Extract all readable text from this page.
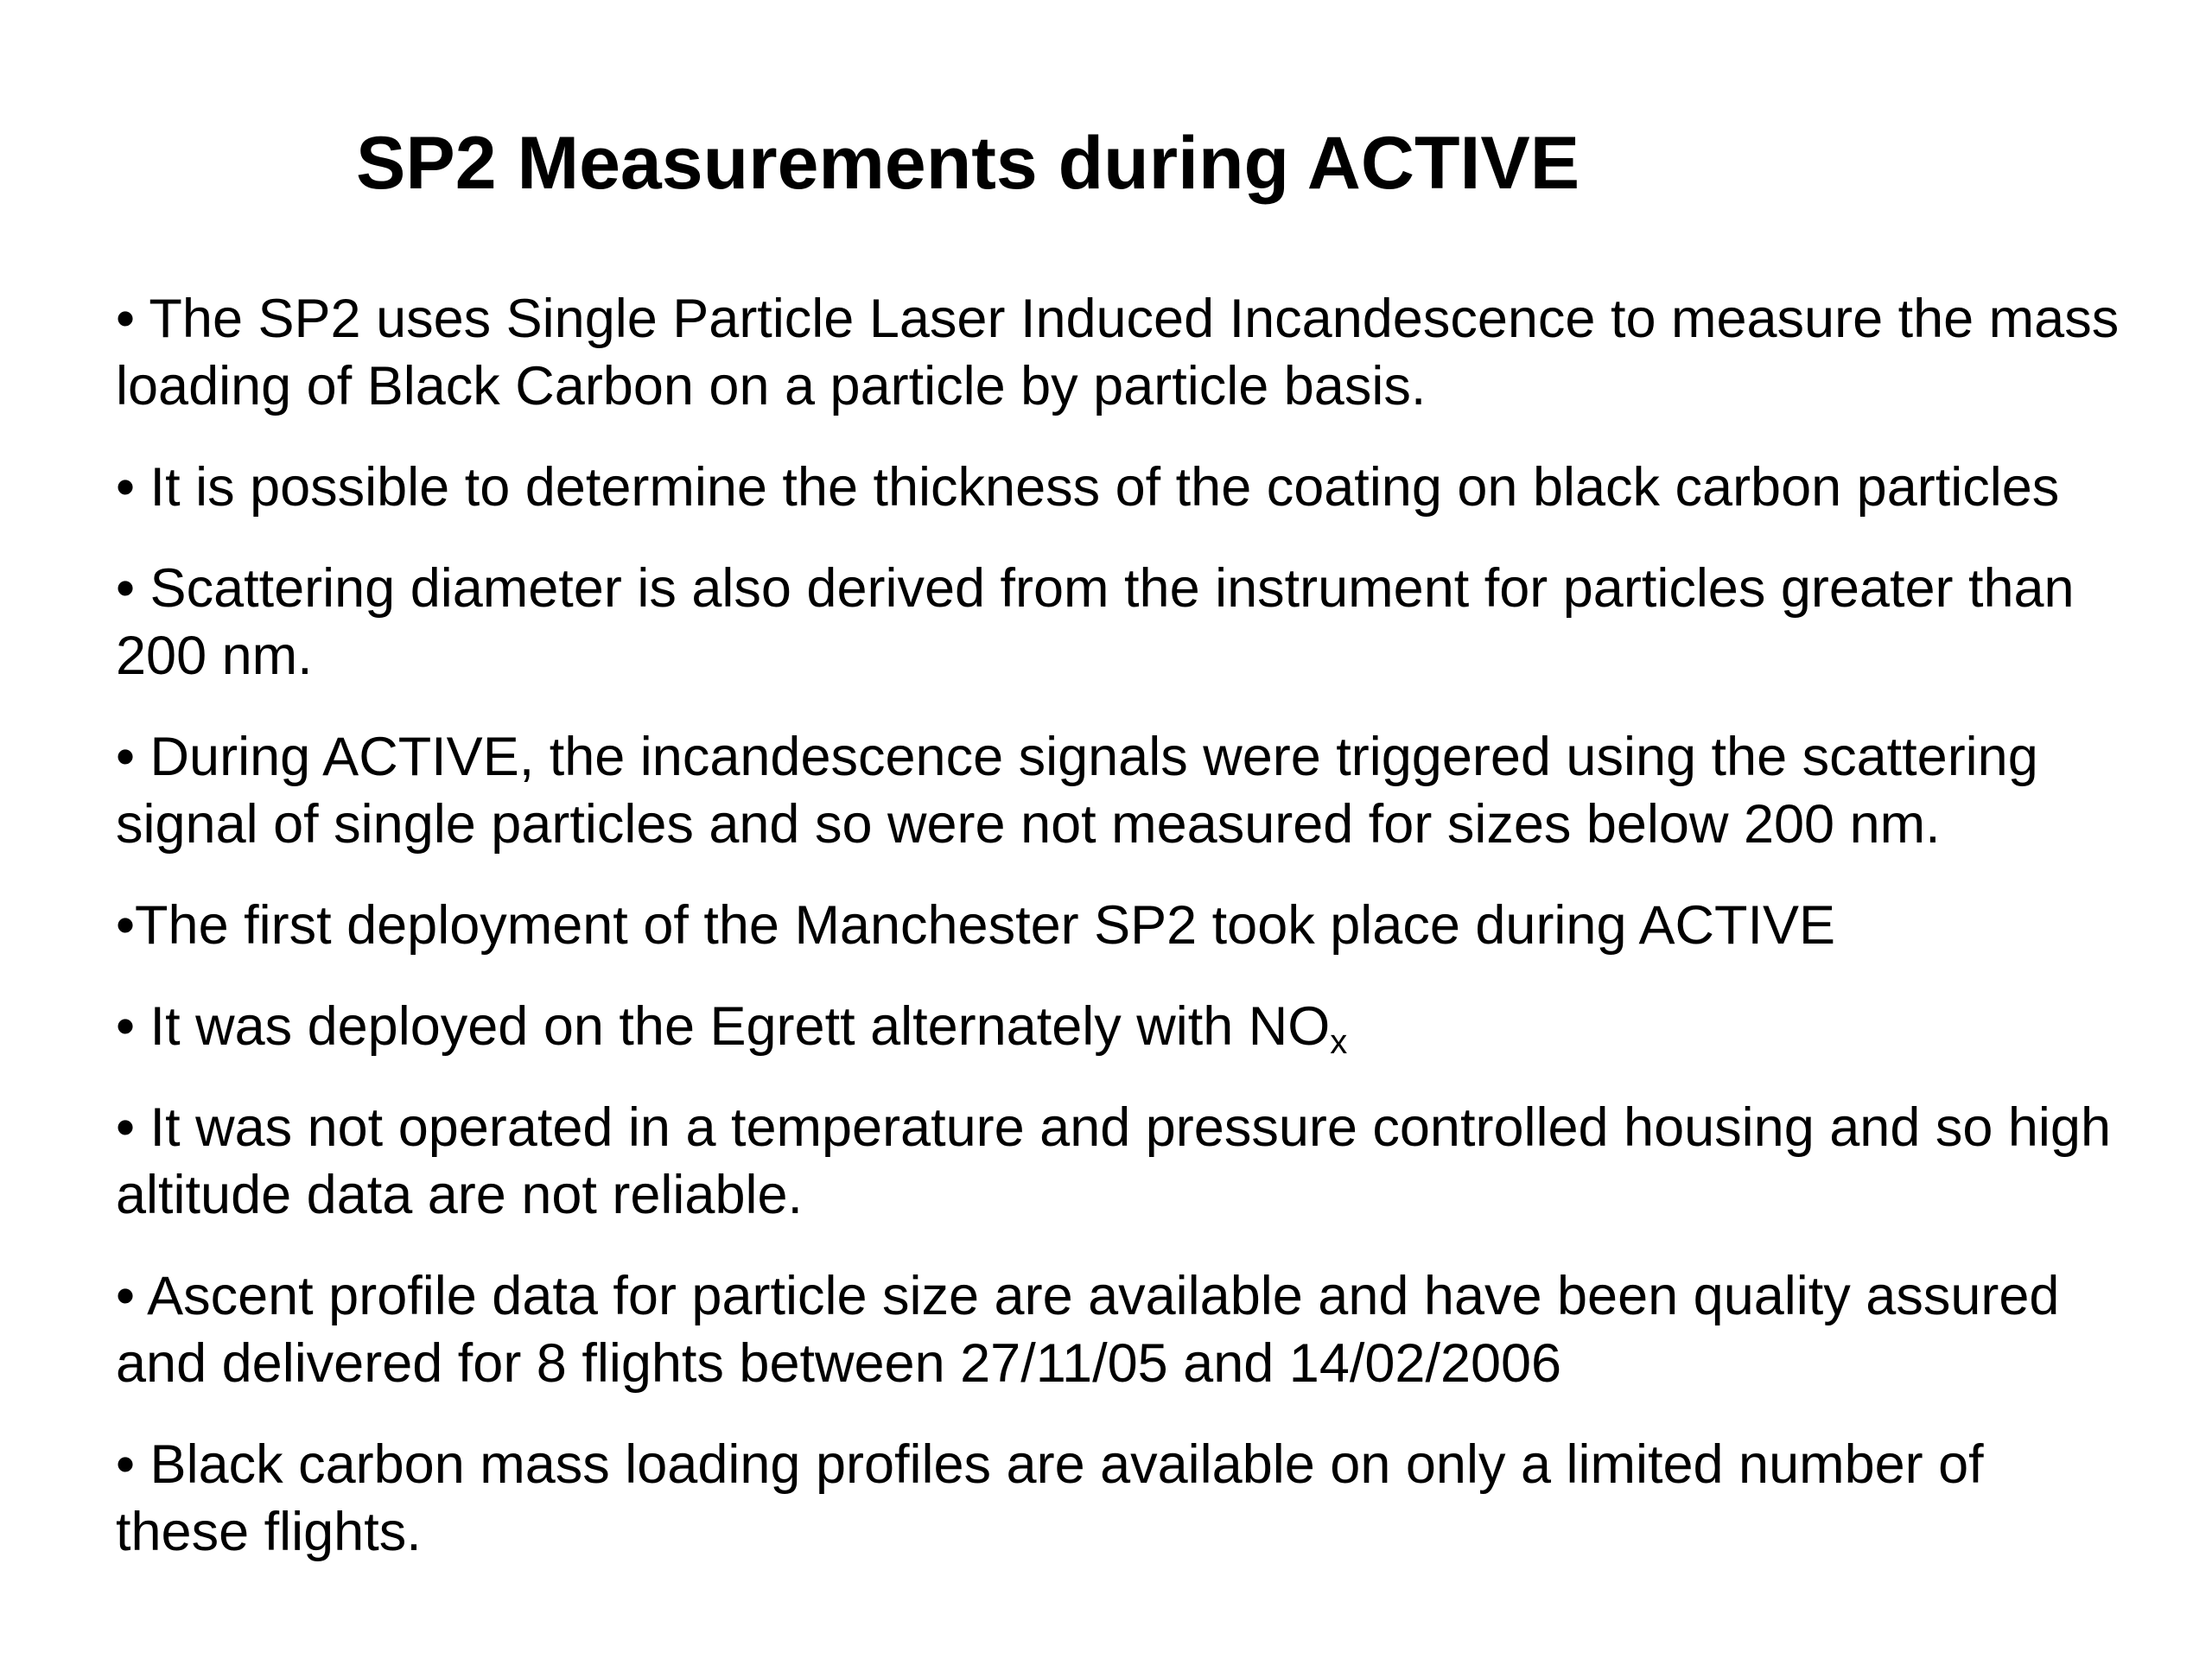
SP2 Measurements during ACTIVE
• The SP2 uses Single Particle Laser Induced Incandescence to measure the mass loading of Black Carbon on a particle by particle basis.
• It is possible to determine the thickness of the coating on black carbon particles
• Scattering diameter is also derived from the instrument for particles greater than 200 nm.
• During ACTIVE, the incandescence signals were triggered using the scattering signal of single particles and so were not measured for sizes below 200 nm.
•The first deployment of the Manchester SP2 took place during ACTIVE
• It was deployed on the Egrett alternately with $NO_x$
• It was not operated in a temperature and pressure controlled housing and so high altitude data are not reliable.
• Ascent profile data for particle size are available and have been quality assured and delivered for 8 flights between 27/11/05 and 14/02/2006
• Black carbon mass loading profiles are available on only a limited number of these flights.
